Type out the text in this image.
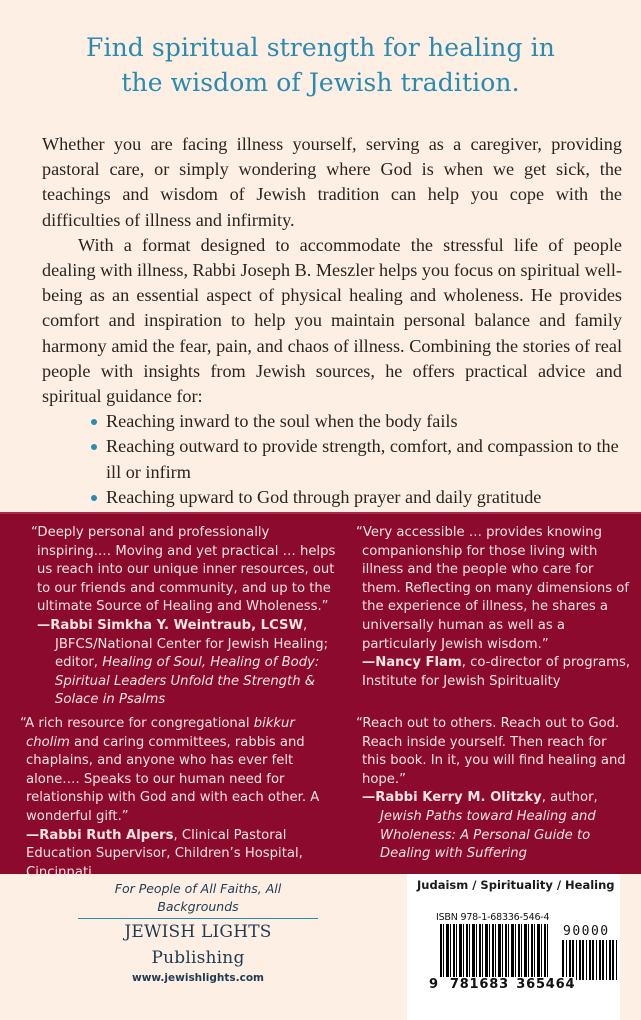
Find spiritual strength for healing in
the wisdom of Jewish tradition.

Whether you are facing illness yourself, serving as a caregiver, providing pastoral care, or simply wondering where God is when we get sick, the teachings and wisdom of Jewish tradition can help you cope with the difficulties of illness and infirmity.

With a format designed to accommodate the stressful life of people dealing with illness, Rabbi Joseph B. Meszler helps you focus on spiritual well-being as an essential aspect of physical healing and wholeness. He provides comfort and inspiration to help you maintain personal balance and family harmony amid the fear, pain, and chaos of illness. Combining the stories of real people with insights from Jewish sources, he offers practical advice and spiritual guidance for:

Reaching inward to the soul when the body fails
Reaching outward to provide strength, comfort, and compassion to the ill or infirm
Reaching upward to God through prayer and daily gratitude

“Deeply personal and professionally inspiring.… Moving and yet practical … helps us reach into our unique inner resources, out to our friends and community, and up to the ultimate Source of Healing and Wholeness.”

—Rabbi Simkha Y. Weintraub, LCSW,
JBFCS/National Center for Jewish Healing; editor, Healing of Soul, Healing of Body: Spiritual Leaders Unfold the Strength & Solace in Psalms

“Very accessible … provides knowing companionship for those living with illness and the people who care for them. Reflecting on many dimensions of the experience of illness, he shares a universally human as well as a particularly Jewish wisdom.”

—Nancy Flam, co-director of programs, Institute for Jewish Spirituality

“A rich resource for congregational bikkur cholim and caring committees, rabbis and chaplains, and anyone who has ever felt alone…. Speaks to our human need for relationship with God and with each other. A wonderful gift.”

—Rabbi Ruth Alpers, Clinical Pastoral Education Supervisor, Children’s Hospital, Cincinnati

“Reach out to others. Reach out to God. Reach inside yourself. Then reach for this book. In it, you will find healing and hope.”

—Rabbi Kerry M. Olitzky, author,
Jewish Paths toward Healing and Wholeness: A Personal Guide to Dealing with Suffering

For People of All Faiths, All Backgrounds
JEWISH LIGHTS Publishing
www.jewishlights.com
Judaism / Spirituality / Healing
ISBN 978-1-68336-546-4
90000
9 781683 365464
